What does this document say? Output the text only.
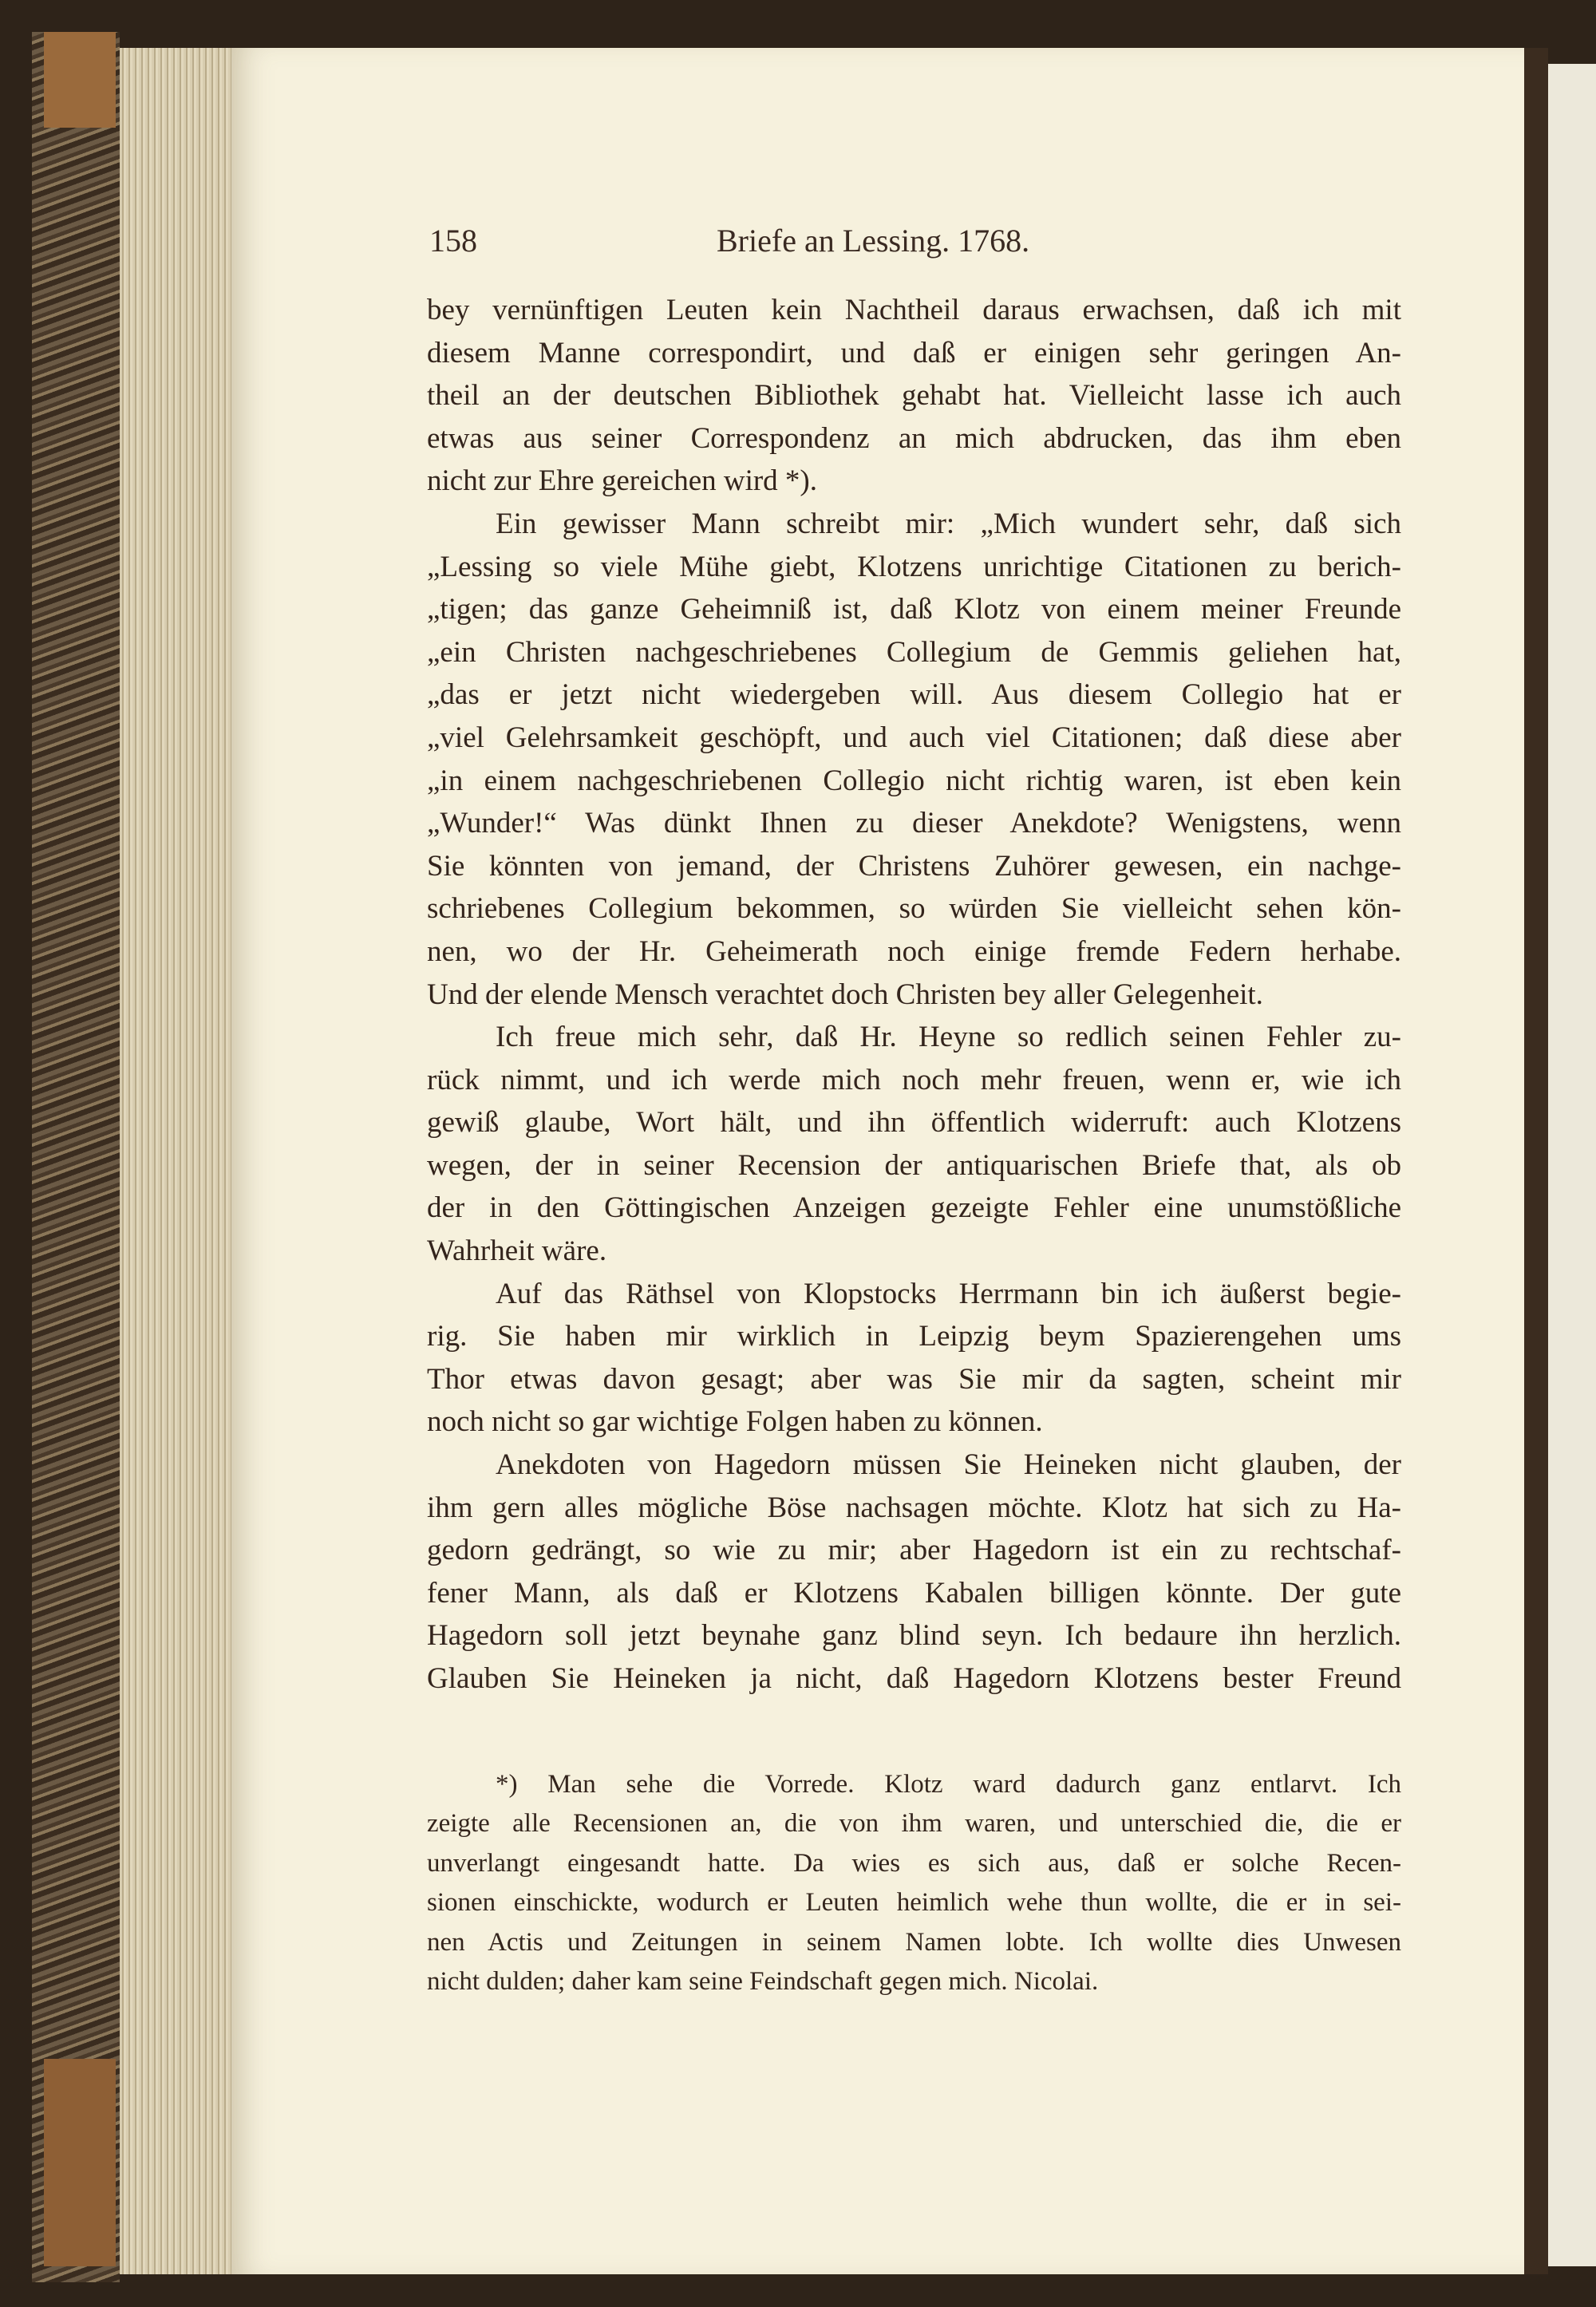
158	Briefe an Lessing. 1768.
bey vernünftigen Leuten kein Nachtheil daraus erwachsen, daß ich mit
diesem Manne correspondirt, und daß er einigen sehr geringen An-
theil an der deutschen Bibliothek gehabt hat. Vielleicht lasse ich auch
etwas aus seiner Correspondenz an mich abdrucken, das ihm eben
nicht zur Ehre gereichen wird *).
Ein gewisser Mann schreibt mir: „Mich wundert sehr, daß sich
„Lessing so viele Mühe giebt, Klotzens unrichtige Citationen zu berich-
„tigen; das ganze Geheimniß ist, daß Klotz von einem meiner Freunde
„ein Christen nachgeschriebenes Collegium de Gemmis geliehen hat,
„das er jetzt nicht wiedergeben will. Aus diesem Collegio hat er
„viel Gelehrsamkeit geschöpft, und auch viel Citationen; daß diese aber
„in einem nachgeschriebenen Collegio nicht richtig waren, ist eben kein
„Wunder!“ Was dünkt Ihnen zu dieser Anekdote? Wenigstens, wenn
Sie könnten von jemand, der Christens Zuhörer gewesen, ein nachge-
schriebenes Collegium bekommen, so würden Sie vielleicht sehen kön-
nen, wo der Hr. Geheimerath noch einige fremde Federn herhabe.
Und der elende Mensch verachtet doch Christen bey aller Gelegenheit.
Ich freue mich sehr, daß Hr. Heyne so redlich seinen Fehler zu-
rück nimmt, und ich werde mich noch mehr freuen, wenn er, wie ich
gewiß glaube, Wort hält, und ihn öffentlich widerruft: auch Klotzens
wegen, der in seiner Recension der antiquarischen Briefe that, als ob
der in den Göttingischen Anzeigen gezeigte Fehler eine unumstößliche
Wahrheit wäre.
Auf das Räthsel von Klopstocks Herrmann bin ich äußerst begie-
rig. Sie haben mir wirklich in Leipzig beym Spazierengehen ums
Thor etwas davon gesagt; aber was Sie mir da sagten, scheint mir
noch nicht so gar wichtige Folgen haben zu können.
Anekdoten von Hagedorn müssen Sie Heineken nicht glauben, der
ihm gern alles mögliche Böse nachsagen möchte. Klotz hat sich zu Ha-
gedorn gedrängt, so wie zu mir; aber Hagedorn ist ein zu rechtschaf-
fener Mann, als daß er Klotzens Kabalen billigen könnte. Der gute
Hagedorn soll jetzt beynahe ganz blind seyn. Ich bedaure ihn herzlich.
Glauben Sie Heineken ja nicht, daß Hagedorn Klotzens bester Freund
*) Man sehe die Vorrede. Klotz ward dadurch ganz entlarvt. Ich
zeigte alle Recensionen an, die von ihm waren, und unterschied die, die er
unverlangt eingesandt hatte. Da wies es sich aus, daß er solche Recen-
sionen einschickte, wodurch er Leuten heimlich wehe thun wollte, die er in sei-
nen Actis und Zeitungen in seinem Namen lobte. Ich wollte dies Unwesen
nicht dulden; daher kam seine Feindschaft gegen mich. Nicolai.
